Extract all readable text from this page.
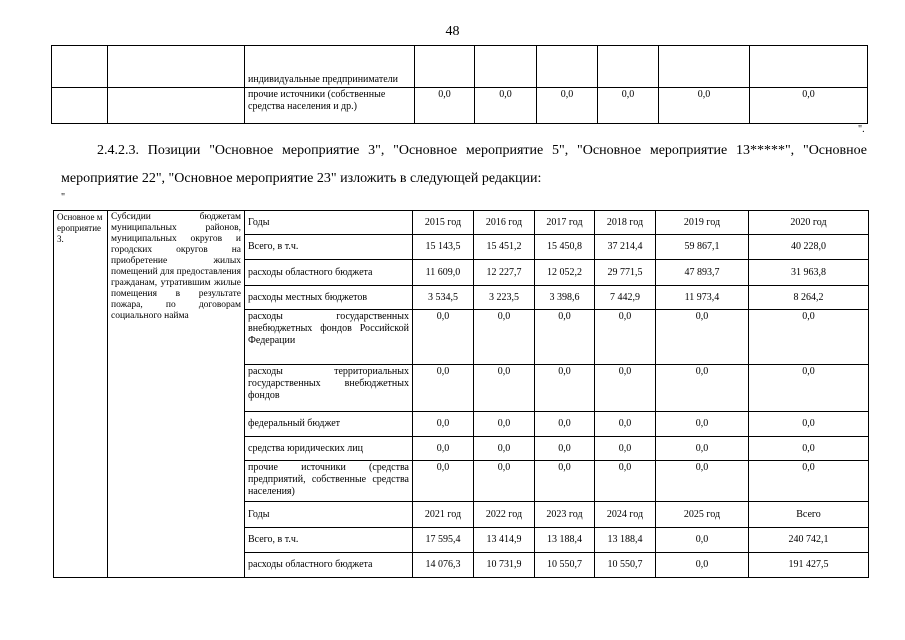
48
		индивидуальные предприниматели						
		прочие источники (собственные средства населения и др.)	0,0	0,0	0,0	0,0	0,0	0,0
".
2.4.2.3. Позиции "Основное мероприятие 3", "Основное мероприятие 5", "Основное мероприятие 13*****", "Основное мероприятие 22", "Основное мероприятие 23" изложить в следующей редакции:
"
Основное мероприятие 3.	Субсидии бюджетам муниципальных районов, муниципальных округов и городских округов на приобретение жилых помещений для предоставления гражданам, утратившим жилые помещения в результате пожара, по договорам социального найма	Годы	2015 год	2016 год	2017 год	2018 год	2019 год	2020 год
		Всего, в т.ч.	15 143,5	15 451,2	15 450,8	37 214,4	59 867,1	40 228,0
		расходы областного бюджета	11 609,0	12 227,7	12 052,2	29 771,5	47 893,7	31 963,8
		расходы местных бюджетов	3 534,5	3 223,5	3 398,6	7 442,9	11 973,4	8 264,2
		расходы государственных внебюджетных фондов Российской Федерации	0,0	0,0	0,0	0,0	0,0	0,0
		расходы территориальных государственных внебюджетных фондов	0,0	0,0	0,0	0,0	0,0	0,0
		федеральный бюджет	0,0	0,0	0,0	0,0	0,0	0,0
		средства юридических лиц	0,0	0,0	0,0	0,0	0,0	0,0
		прочие источники (средства предприятий, собственные средства населения)	0,0	0,0	0,0	0,0	0,0	0,0
		Годы	2021 год	2022 год	2023 год	2024 год	2025 год	Всего
		Всего, в т.ч.	17 595,4	13 414,9	13 188,4	13 188,4	0,0	240 742,1
		расходы областного бюджета	14 076,3	10 731,9	10 550,7	10 550,7	0,0	191 427,5
